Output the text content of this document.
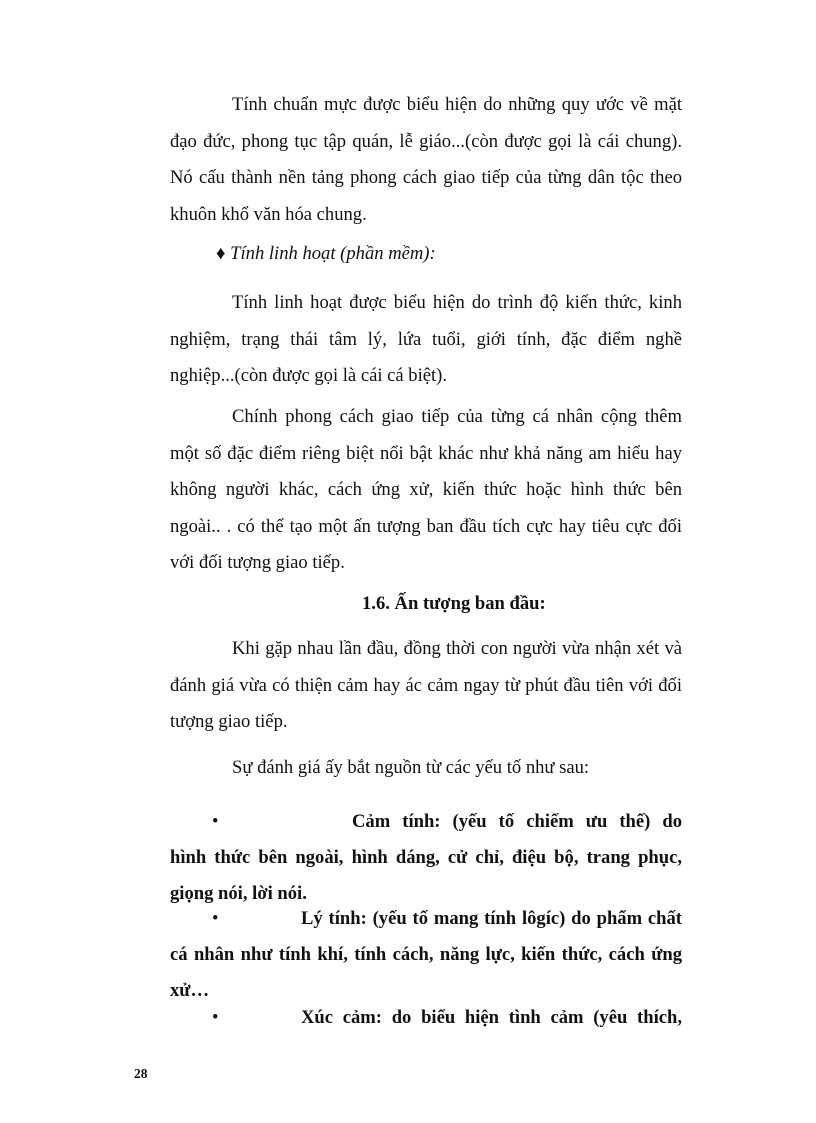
Tính chuẩn mực được biểu hiện do những quy ước về mặt đạo đức, phong tục tập quán, lễ giáo...(còn được gọi là cái chung). Nó cấu thành nền tảng phong cách giao tiếp của từng dân tộc theo khuôn khổ văn hóa chung.

♦ Tính linh hoạt (phần mềm):

Tính linh hoạt được biểu hiện do trình độ kiến thức, kinh nghiệm, trạng thái tâm lý, lứa tuổi, giới tính, đặc điểm nghề nghiệp...(còn được gọi là cái cá biệt).

Chính phong cách giao tiếp của từng cá nhân cộng thêm một số đặc điểm riêng biệt nổi bật khác như khả năng am hiểu hay không người khác, cách ứng xử, kiến thức hoặc hình thức bên ngoài.. . có thể tạo một ấn tượng ban đầu tích cực hay tiêu cực đối với đối tượng giao tiếp.

1.6. Ấn tượng ban đầu:

Khi gặp nhau lần đầu, đồng thời con người vừa nhận xét và đánh giá vừa có thiện cảm hay ác cảm ngay từ phút đầu tiên với đối tượng giao tiếp.

Sự đánh giá ấy bắt nguồn từ các yếu tố như sau:

•	Cảm tính: (yếu tố chiếm ưu thế) do
hình thức bên ngoài, hình dáng, cử chỉ, điệu bộ, trang phục,
giọng nói, lời nói.
•	Lý tính: (yếu tố mang tính lôgíc) do phẩm chất
cá nhân như tính khí, tính cách, năng lực, kiến thức, cách ứng
xử…
•	Xúc cảm: do biểu hiện tình cảm (yêu thích,

28
